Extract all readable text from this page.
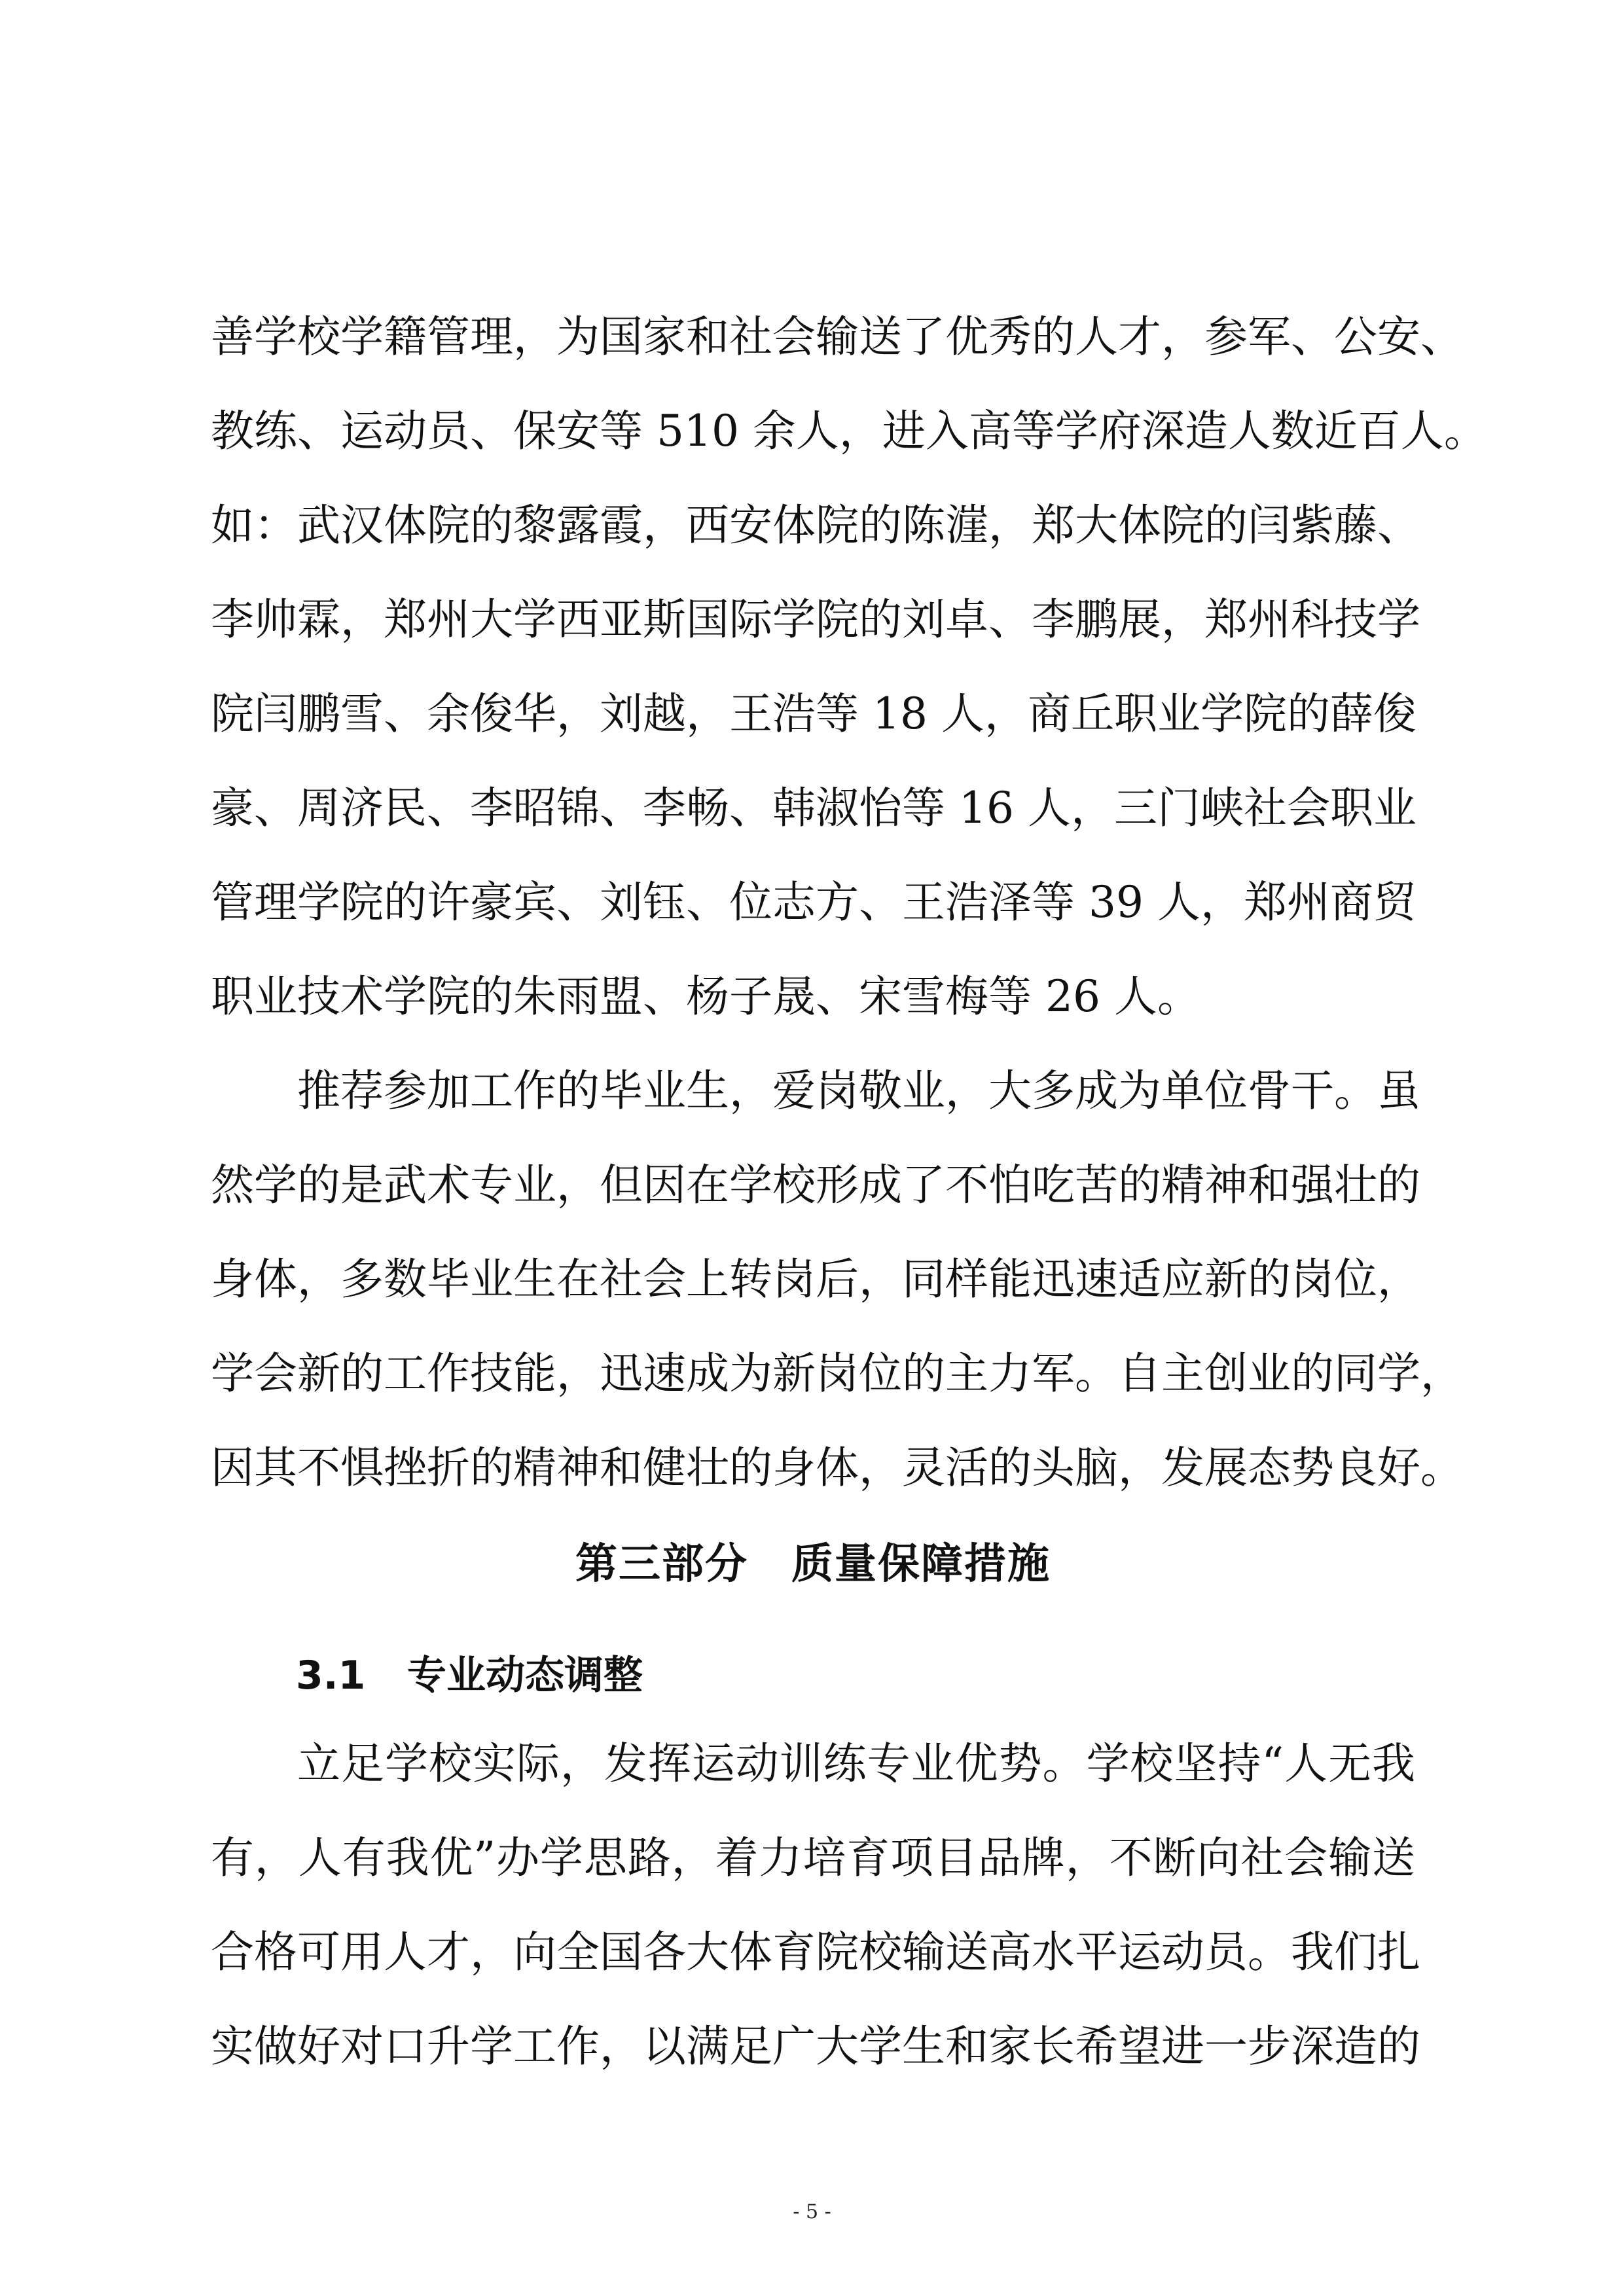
善学校学籍管理，为国家和社会输送了优秀的人才，参军、公安、
教练、运动员、保安等 510 余人，进入高等学府深造人数近百人。
如：武汉体院的黎露霞，西安体院的陈漄，郑大体院的闫紫藤、
李帅霖，郑州大学西亚斯国际学院的刘卓、李鹏展，郑州科技学
院闫鹏雪、余俊华，刘越，王浩等 18 人，商丘职业学院的薛俊
豪、周济民、李昭锦、李畅、韩淑怡等 16 人，三门峡社会职业
管理学院的许豪宾、刘钰、位志方、王浩泽等 39 人，郑州商贸
职业技术学院的朱雨盟、杨子晟、宋雪梅等 26 人。
推荐参加工作的毕业生，爱岗敬业，大多成为单位骨干。虽
然学的是武术专业，但因在学校形成了不怕吃苦的精神和强壮的
身体，多数毕业生在社会上转岗后，同样能迅速适应新的岗位，
学会新的工作技能，迅速成为新岗位的主力军。自主创业的同学，
因其不惧挫折的精神和健壮的身体，灵活的头脑，发展态势良好。
第三部分　质量保障措施
3.1 专业动态调整
立足学校实际，发挥运动训练专业优势。学校坚持“人无我
有，人有我优”办学思路，着力培育项目品牌，不断向社会输送
合格可用人才，向全国各大体育院校输送高水平运动员。我们扎
实做好对口升学工作，以满足广大学生和家长希望进一步深造的
- 5 -
